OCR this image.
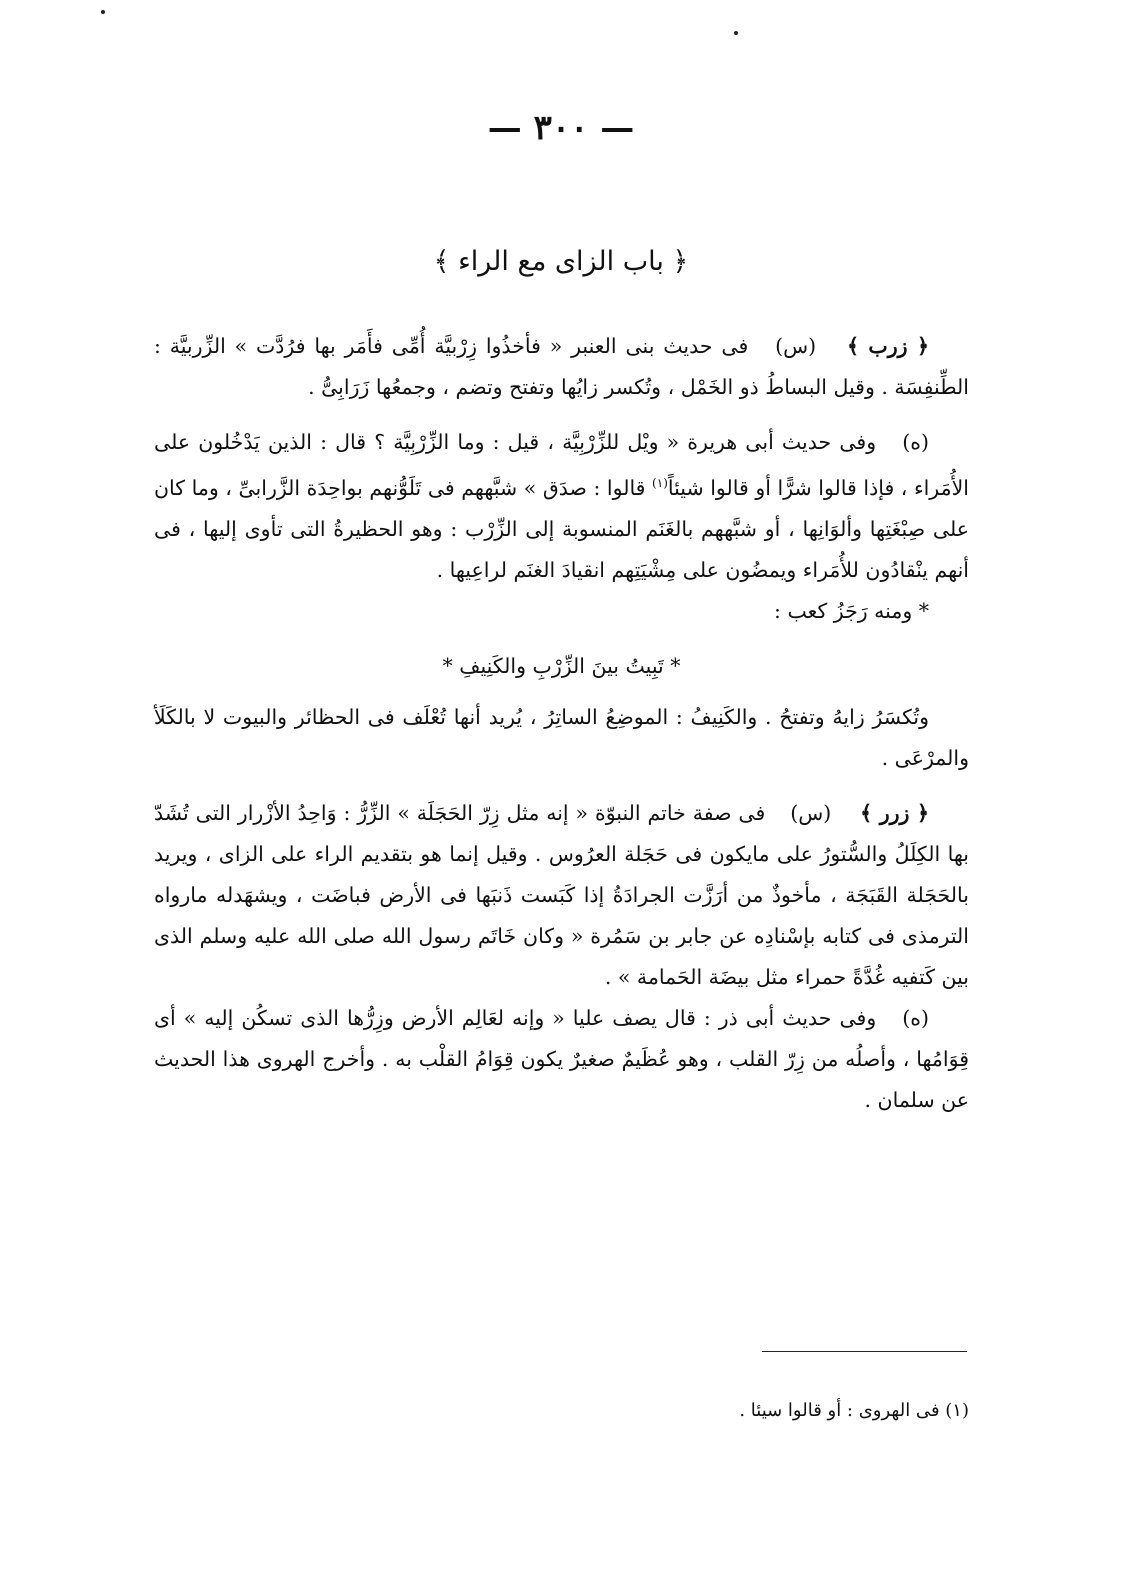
— ٣٠٠ —
﴿ باب الزاى مع الراء ﴾

﴿ زرب ﴾ (س) فى حديث بنى العنبر « فأخذُوا زِرْبيَّة أُمِّى فأَمَر بها فرُدَّت » الزِّربيَّة : الطِّنفِسَة . وقيل البساطُ ذو الخَمْل ، وتُكسر زايُها وتفتح وتضم ، وجمعُها زَرَابِىُّ .

(ه) وفى حديث أبى هريرة « ويْل للزِّرْبِيَّة ، قيل : وما الزِّرْبِيَّة ؟ قال : الذين يَدْخُلون على الأُمَراء ، فإذا قالوا شرًّا أو قالوا شيئاً$^{(١)}$ قالوا : صدَق » شبَّههم فى تَلَوُّنهم بواحِدَة الزَّرابىِّ ، وما كان على صِبْغَتِها وألوَانِها ، أو شبَّههم بالغَنَم المنسوبة إلى الزِّرْب : وهو الحظيرةُ التى تأوى إليها ، فى أنهم ينْقادُون للأُمَراء ويمضُون على مِشْيَتِهم انقيادَ الغنَم لراعِيها .

* ومنه رَجَزُ كعب :

* تَبِيتُ بينَ الزِّرْبِ والكَنِيفِ *

وتُكسَرُ زايهُ وتفتحُ . والكَنِيفُ : الموضِعُ الساتِرُ ، يُريد أنها تُعْلَف فى الحظائر والبيوت لا بالكَلَأ والمرْعَى .

﴿ زرر ﴾ (س) فى صفة خاتم النبوّة « إنه مثل زِرّ الحَجَلَة » الزِّرُّ : وَاحِدُ الأزْرار التى تُشَدّ بها الكِلَلُ والسُّتورُ على مايكون فى حَجَلة العرُوس . وقيل إنما هو بتقديم الراء على الزاى ، ويريد بالحَجَلة القَبَجَة ، مأخوذٌ من أرَزَّت الجرادَةُ إذا كَبَست ذَنبَها فى الأرض فباضَت ، ويشهَدله مارواه الترمذى فى كتابه بإسْنادِه عن جابر بن سَمُرة « وكان خَاتَم رسول الله صلى الله عليه وسلم الذى بين كَتفيه غُدَّةً حمراء مثل بيضَة الحَمامة » .

(ه) وفى حديث أبى ذر : قال يصف عليا « وإنه لعَالِم الأرض وزِرُّها الذى تسكُن إليه » أى قِوَامُها ، وأصلُه من زِرّ القلب ، وهو عُظَيمٌ صغيرٌ يكون قِوَامُ القلْب به . وأخرج الهروى هذا الحديث عن سلمان .

(١) فى الهروى : أو قالوا سيئا .
